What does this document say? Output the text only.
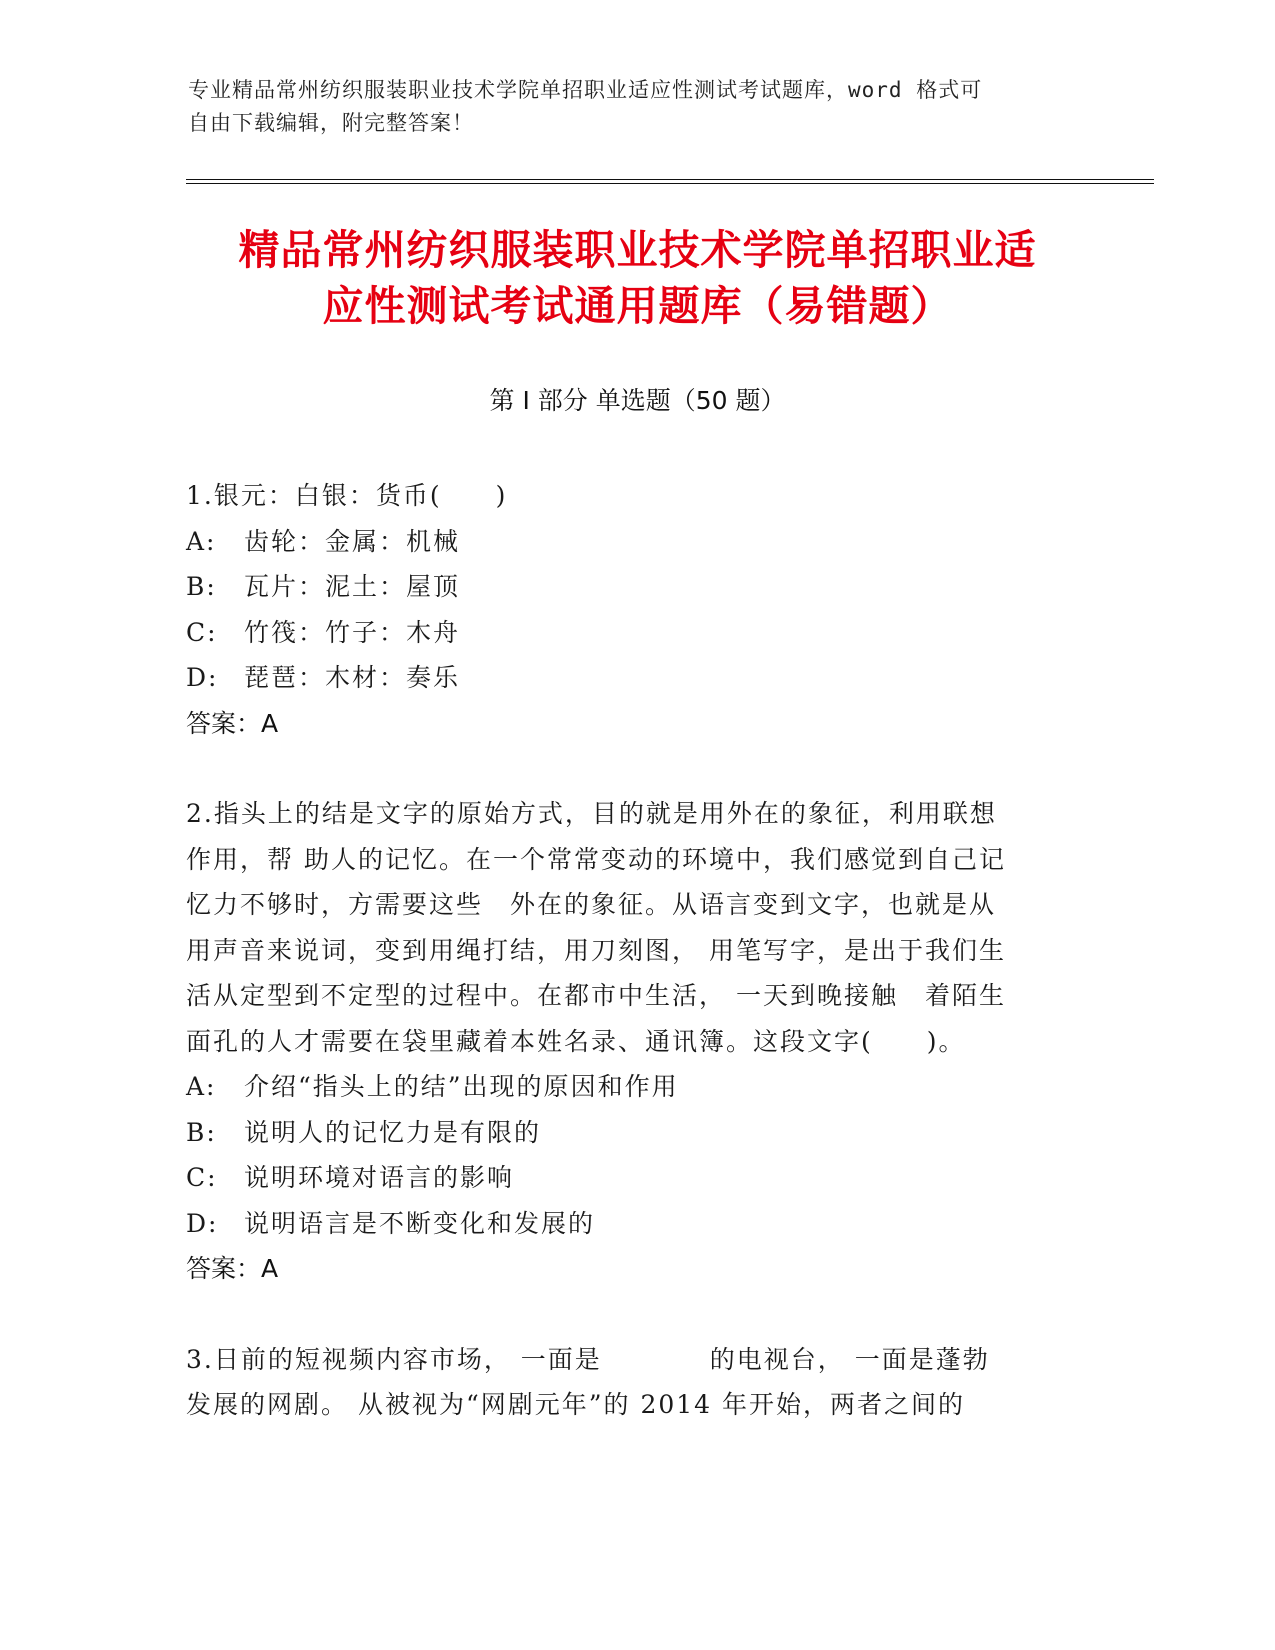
专业精品常州纺织服装职业技术学院单招职业适应性测试考试题库，word 格式可
自由下载编辑，附完整答案！
精品常州纺织服装职业技术学院单招职业适
应性测试考试通用题库（易错题）
第 I 部分 单选题（50 题）

1.银元：白银：货币(　　)

A:	齿轮：金属：机械
B:	瓦片：泥土：屋顶
C:	竹筏：竹子：木舟
D:	琵琶：木材：奏乐
答案：A

2.指头上的结是文字的原始方式，目的就是用外在的象征，利用联想

作用，帮 助人的记忆。在一个常常变动的环境中，我们感觉到自己记

忆力不够时，方需要这些　外在的象征。从语言变到文字，也就是从

用声音来说词，变到用绳打结，用刀刻图， 用笔写字，是出于我们生

活从定型到不定型的过程中。在都市中生活， 一天到晚接触　着陌生

面孔的人才需要在袋里藏着本姓名录、通讯簿。这段文字(　　)。

A:	介绍“指头上的结”出现的原因和作用
B:	说明人的记忆力是有限的
C:	说明环境对语言的影响
D:	说明语言是不断变化和发展的
答案：A

3.日前的短视频内容市场， 一面是　　　　的电视台， 一面是蓬勃

发展的网剧。 从被视为“网剧元年”的 2014 年开始，两者之间的
